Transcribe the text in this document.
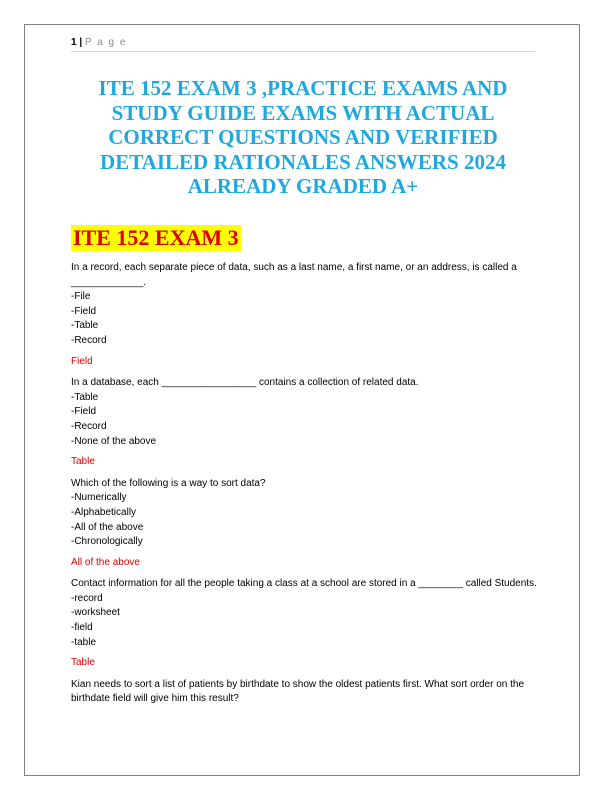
1 | P a g e
ITE 152 EXAM 3 ,PRACTICE EXAMS AND STUDY GUIDE EXAMS WITH ACTUAL CORRECT QUESTIONS AND VERIFIED DETAILED RATIONALES ANSWERS 2024 ALREADY GRADED A+
ITE 152 EXAM 3

In a record, each separate piece of data, such as a last name, a first name, or an address, is called a _____________.

-File

-Field

-Table

-Record

Field

In a database, each _________________ contains a collection of related data.

-Table

-Field

-Record

-None of the above

Table

Which of the following is a way to sort data?

-Numerically

-Alphabetically

-All of the above

-Chronologically

All of the above

Contact information for all the people taking a class at a school are stored in a ________ called Students.

-record

-worksheet

-field

-table

Table

Kian needs to sort a list of patients by birthdate to show the oldest patients first. What sort order on the birthdate field will give him this result?
